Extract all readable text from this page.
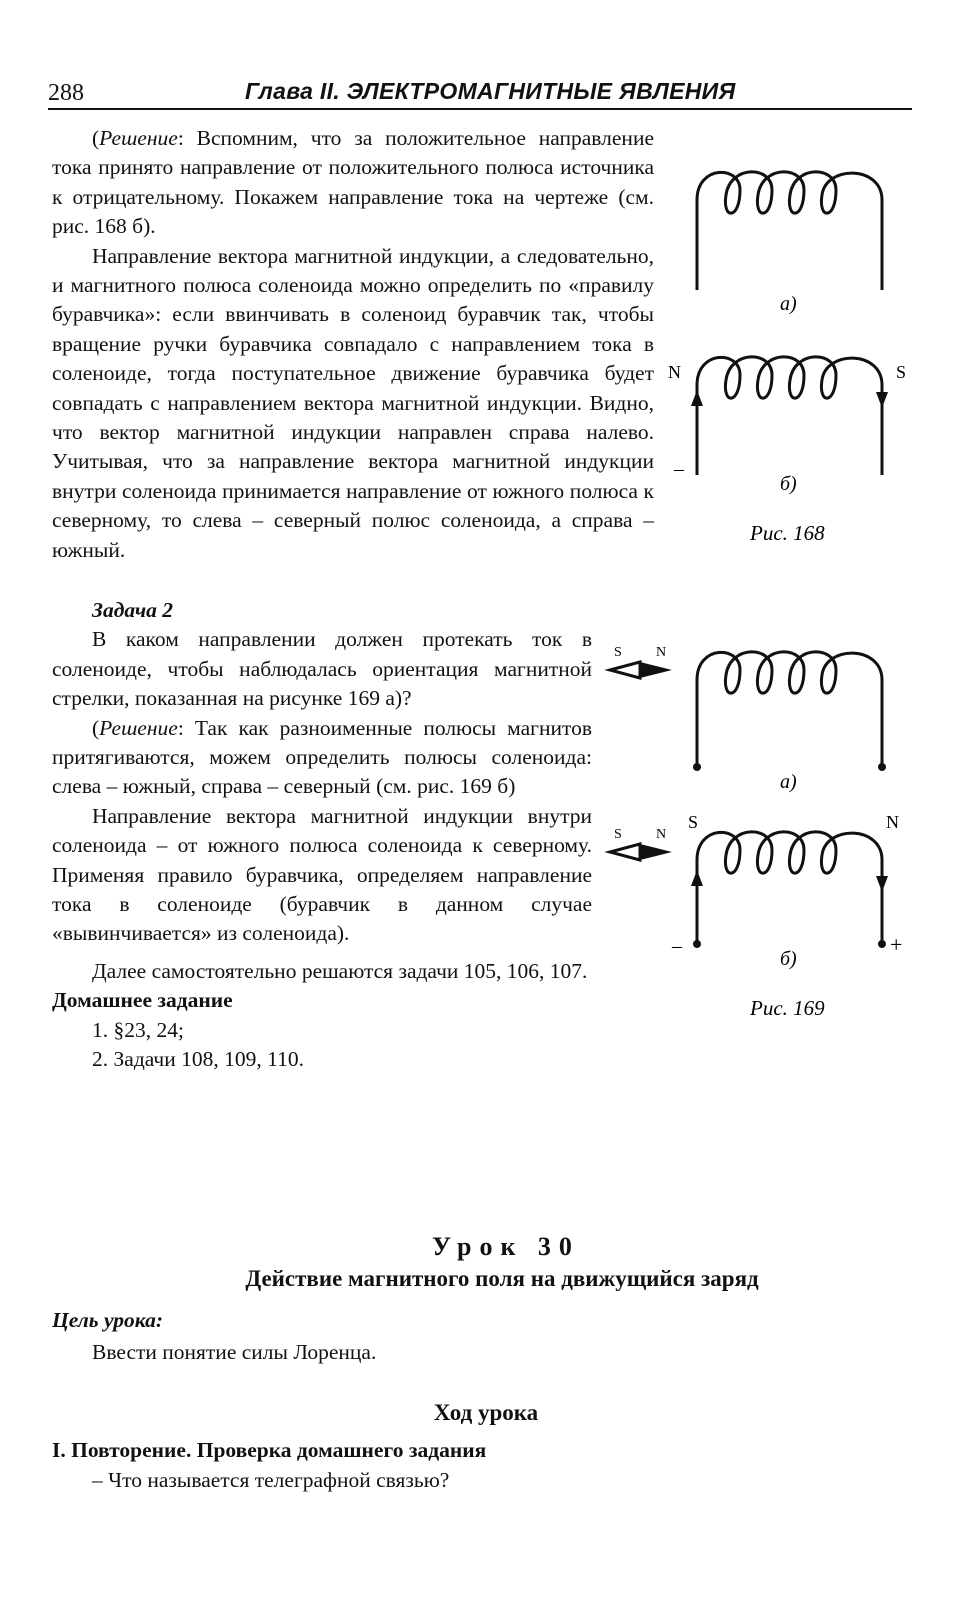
288	Глава II. ЭЛЕКТРОМАГНИТНЫЕ ЯВЛЕНИЯ

(Решение: Вспомним, что за положительное направление тока принято направление от положительного полюса источника к отрицательному. Покажем направление тока на чертеже (см. рис. 168 б).

Направление вектора магнитной индукции, а следовательно, и магнитного полюса соленоида можно определить по «правилу буравчика»: если ввинчивать в соленоид буравчик так, чтобы вращение ручки буравчика совпадало с направлением тока в соленоиде, тогда поступательное движение буравчика будет совпадать с направлением вектора магнитной индукции. Видно, что вектор магнитной индукции направлен справа налево. Учитывая, что за направление вектора магнитной индукции внутри соленоида принимается направление от южного полюса к северному, то слева – северный полюс соленоида, а справа – южный.

Задача 2

В каком направлении должен протекать ток в соленоиде, чтобы наблюдалась ориентация магнитной стрелки, показанная на рисунке 169 а)?

(Решение: Так как разноименные полюсы магнитов притягиваются, можем определить полюсы соленоида: слева – южный, справа – северный (см. рис. 169 б)

Направление вектора магнитной индукции внутри соленоида – от южного полюса соленоида к северному. Применяя правило буравчика, определяем направление тока в соленоиде (буравчик в данном случае «вывинчивается» из соленоида).

Далее самостоятельно решаются задачи 105, 106, 107.

Домашнее задание

1. §23, 24;

2. Задачи 108, 109, 110.

Урок 30
Действие магнитного поля на движущийся заряд
Цель урока:
Ввести понятие силы Лоренца.
Ход урока
I. Повторение. Проверка домашнего задания
– Что называется телеграфной связью?
а)
N	S
–
б)
Рис. 168
S N
а)
S N
S	N
–	+
б)
Рис. 169
